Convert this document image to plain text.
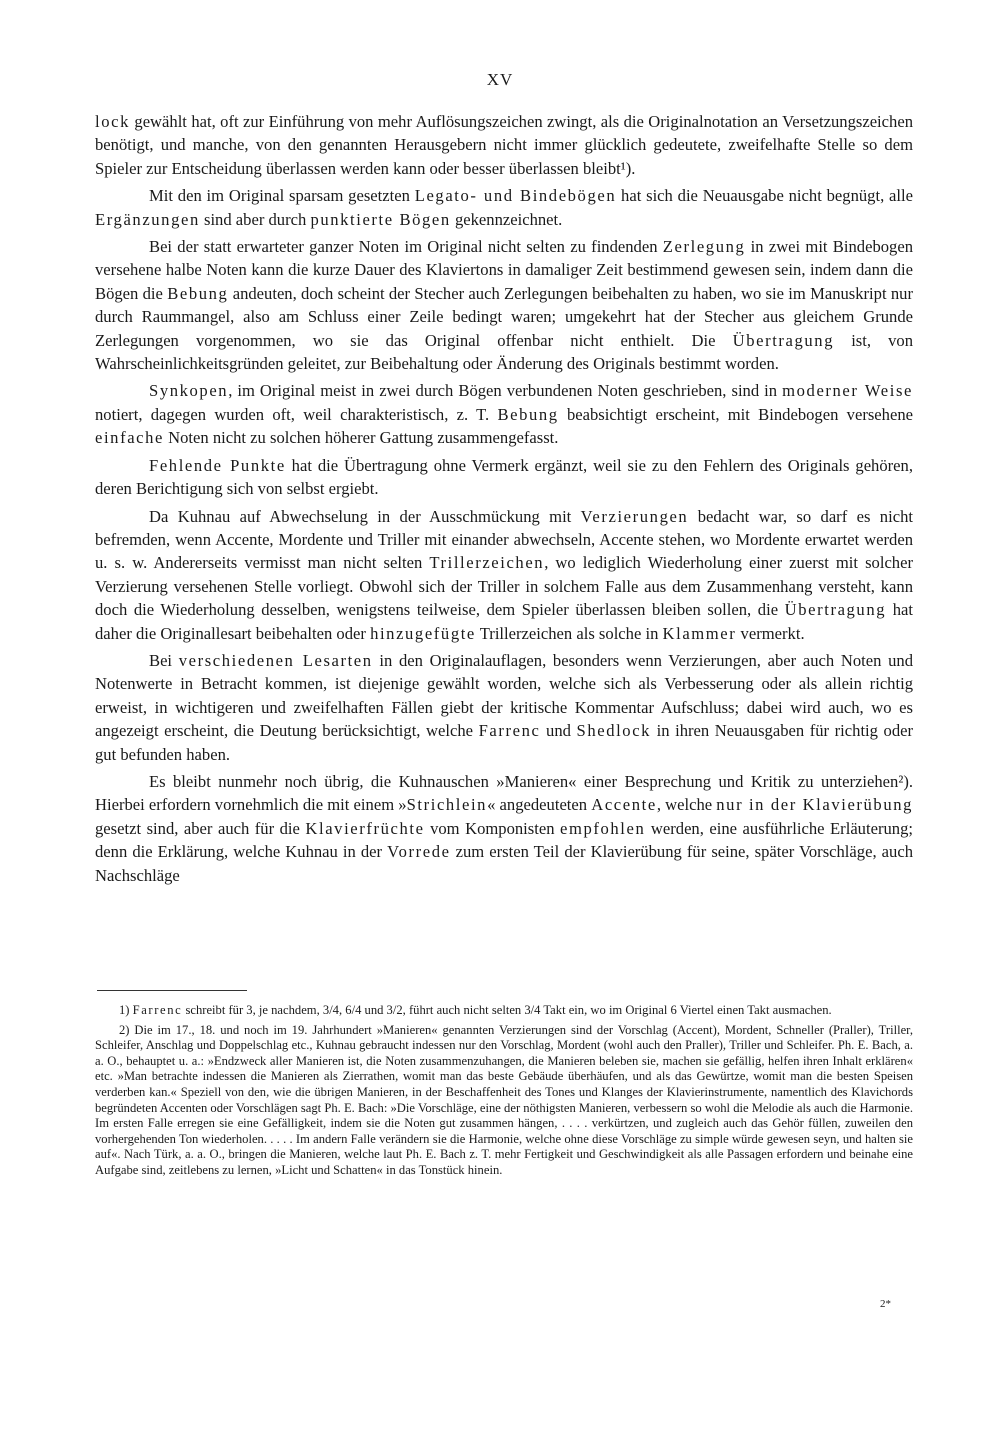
XV

lock gewählt hat, oft zur Einführung von mehr Auflösungszeichen zwingt, als die Originalnotation an Versetzungszeichen benötigt, und manche, von den genannten Herausgebern nicht immer glücklich gedeutete, zweifelhafte Stelle so dem Spieler zur Entscheidung überlassen werden kann oder besser überlassen bleibt¹).

Mit den im Original sparsam gesetzten Legato- und Bindebögen hat sich die Neuausgabe nicht begnügt, alle Ergänzungen sind aber durch punktierte Bögen gekennzeichnet.

Bei der statt erwarteter ganzer Noten im Original nicht selten zu findenden Zerlegung in zwei mit Bindebogen versehene halbe Noten kann die kurze Dauer des Klaviertons in damaliger Zeit bestimmend gewesen sein, indem dann die Bögen die Bebung andeuten, doch scheint der Stecher auch Zerlegungen beibehalten zu haben, wo sie im Manuskript nur durch Raummangel, also am Schluss einer Zeile bedingt waren; umgekehrt hat der Stecher aus gleichem Grunde Zerlegungen vorgenommen, wo sie das Original offenbar nicht enthielt. Die Übertragung ist, von Wahrscheinlichkeitsgründen geleitet, zur Beibehaltung oder Änderung des Originals bestimmt worden.

Synkopen, im Original meist in zwei durch Bögen verbundenen Noten geschrieben, sind in moderner Weise notiert, dagegen wurden oft, weil charakteristisch, z. T. Bebung beabsichtigt erscheint, mit Bindebogen versehene einfache Noten nicht zu solchen höherer Gattung zusammengefasst.

Fehlende Punkte hat die Übertragung ohne Vermerk ergänzt, weil sie zu den Fehlern des Originals gehören, deren Berichtigung sich von selbst ergiebt.

Da Kuhnau auf Abwechselung in der Ausschmückung mit Verzierungen bedacht war, so darf es nicht befremden, wenn Accente, Mordente und Triller mit einander abwechseln, Accente stehen, wo Mordente erwartet werden u. s. w. Andererseits vermisst man nicht selten Trillerzeichen, wo lediglich Wiederholung einer zuerst mit solcher Verzierung versehenen Stelle vorliegt. Obwohl sich der Triller in solchem Falle aus dem Zusammenhang versteht, kann doch die Wiederholung desselben, wenigstens teilweise, dem Spieler überlassen bleiben sollen, die Übertragung hat daher die Originallesart beibehalten oder hinzugefügte Trillerzeichen als solche in Klammer vermerkt.

Bei verschiedenen Lesarten in den Originalauflagen, besonders wenn Verzierungen, aber auch Noten und Notenwerte in Betracht kommen, ist diejenige gewählt worden, welche sich als Verbesserung oder als allein richtig erweist, in wichtigeren und zweifelhaften Fällen giebt der kritische Kommentar Aufschluss; dabei wird auch, wo es angezeigt erscheint, die Deutung berücksichtigt, welche Farrenc und Shedlock in ihren Neuausgaben für richtig oder gut befunden haben.

Es bleibt nunmehr noch übrig, die Kuhnauschen »Manieren« einer Besprechung und Kritik zu unterziehen²). Hierbei erfordern vornehmlich die mit einem »Strichlein« angedeuteten Accente, welche nur in der Klavierübung gesetzt sind, aber auch für die Klavierfrüchte vom Komponisten empfohlen werden, eine ausführliche Erläuterung; denn die Erklärung, welche Kuhnau in der Vorrede zum ersten Teil der Klavierübung für seine, später Vorschläge, auch Nachschläge

1) Farrenc schreibt für 3, je nachdem, 3/4, 6/4 und 3/2, führt auch nicht selten 3/4 Takt ein, wo im Original 6 Viertel einen Takt ausmachen.

2) Die im 17., 18. und noch im 19. Jahrhundert »Manieren« genannten Verzierungen sind der Vorschlag (Accent), Mordent, Schneller (Praller), Triller, Schleifer, Anschlag und Doppelschlag etc., Kuhnau gebraucht indessen nur den Vorschlag, Mordent (wohl auch den Praller), Triller und Schleifer. Ph. E. Bach, a. a. O., behauptet u. a.: »Endzweck aller Manieren ist, die Noten zusammenzuhangen, die Manieren beleben sie, machen sie gefällig, helfen ihren Inhalt erklären« etc. »Man betrachte indessen die Manieren als Zierrathen, womit man das beste Gebäude überhäufen, und als das Gewürtze, womit man die besten Speisen verderben kan.« Speziell von den, wie die übrigen Manieren, in der Beschaffenheit des Tones und Klanges der Klavierinstrumente, namentlich des Klavichords begründeten Accenten oder Vorschlägen sagt Ph. E. Bach: »Die Vorschläge, eine der nöthigsten Manieren, verbessern so wohl die Melodie als auch die Harmonie. Im ersten Falle erregen sie eine Gefälligkeit, indem sie die Noten gut zusammen hängen, . . . . verkürtzen, und zugleich auch das Gehör füllen, zuweilen den vorhergehenden Ton wiederholen. . . . . Im andern Falle verändern sie die Harmonie, welche ohne diese Vorschläge zu simple würde gewesen seyn, und halten sie auf«. Nach Türk, a. a. O., bringen die Manieren, welche laut Ph. E. Bach z. T. mehr Fertigkeit und Geschwindigkeit als alle Passagen erfordern und beinahe eine Aufgabe sind, zeitlebens zu lernen, »Licht und Schatten« in das Tonstück hinein.

2*
